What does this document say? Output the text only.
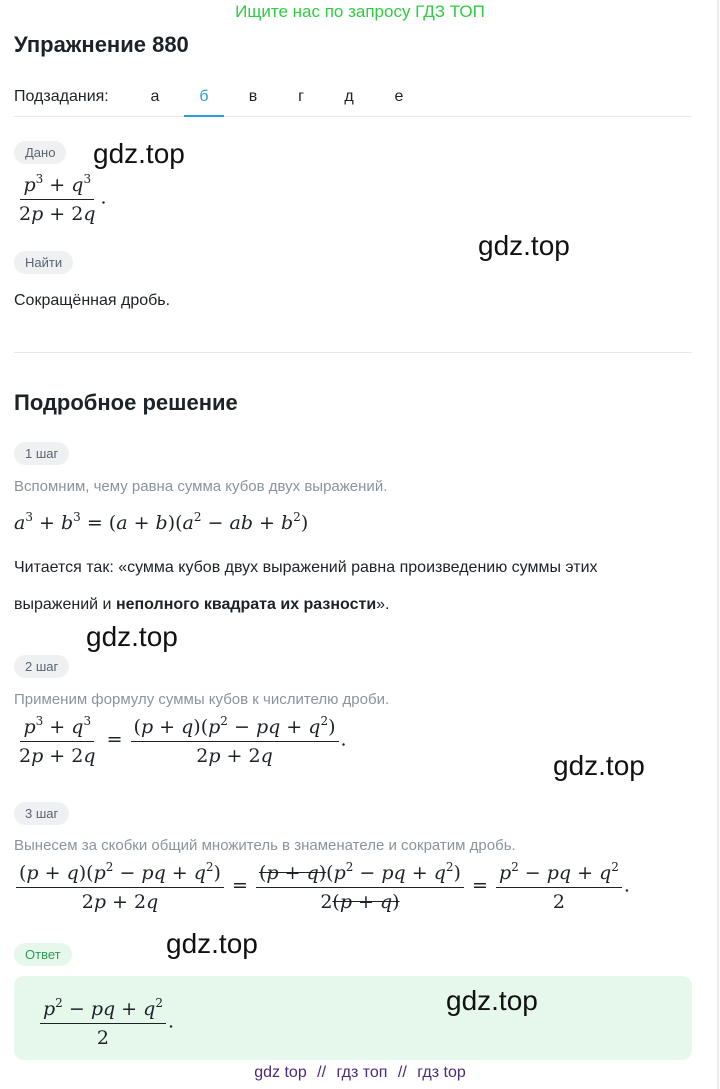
Ищите нас по запросу ГДЗ ТОП
Упражнение 880
Подзадания:	а	б	в	г	д	е
Дано	gdz.top
$\frac{p^3 + q^3}{2p + 2q}$ .
gdz.top
Найти
Сокращённая дробь.
Подробное решение
1 шаг
Вспомним, чему равна сумма кубов двух выражений.
$a^3 + b^3 = (a + b)(a^2$ − ab + $b^2$)
Читается так: «сумма кубов двух выражений равна произведению суммы этих
выражений и неполного квадрата их разности».
gdz.top
2 шаг
Применим формулу суммы кубов к числителю дроби.
$\frac{p^3 + q^3}{2p + 2q} = \frac{(p + q)(p^2 - pq + q^2)}{2p + 2q}$ .
gdz.top
3 шаг
Вынесем за скобки общий множитель в знаменателе и сократим дробь.
$\frac{(p + q)(p^2 - pq + q^2)}{2p + 2q} = \frac{(p + q)(p^2 - pq + q^2)}{2(p + q)} = \frac{p^2 - pq + q^2}{2}$ .
gdz.top
Ответ
$\frac{p^2 - pq + q^2}{2}$ .
gdz.top
gdz top // гдз топ // гдз top
